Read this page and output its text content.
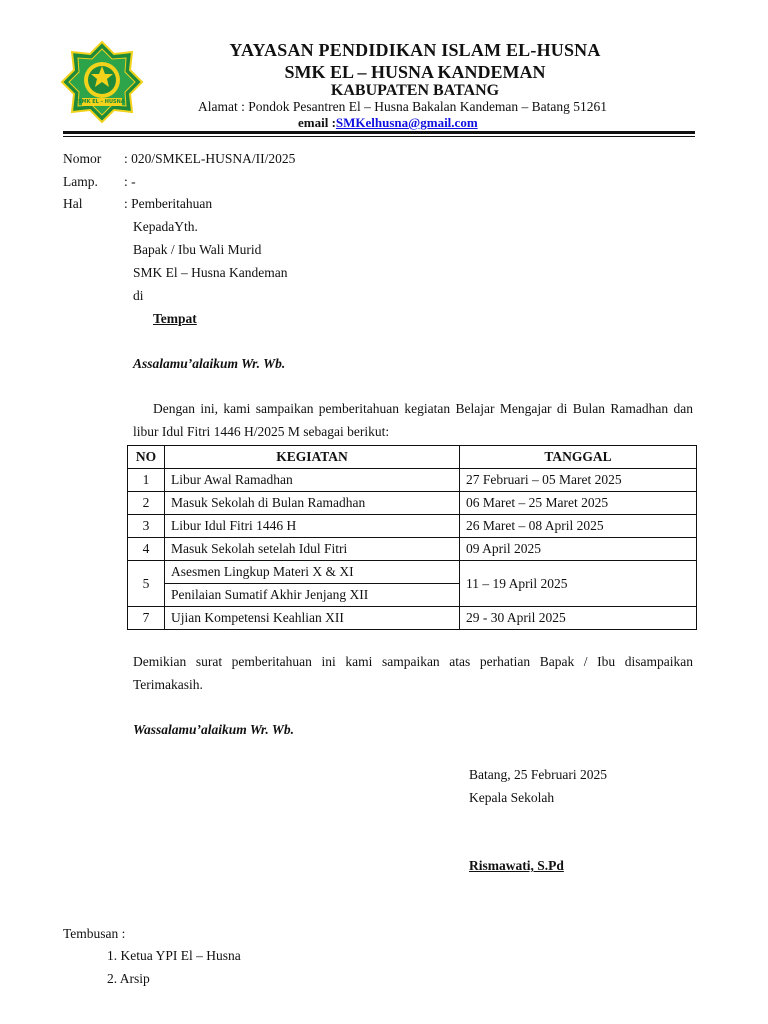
SMK EL – HUSNA
YAYASAN PENDIDIKAN ISLAM EL-HUSNA
SMK EL – HUSNA KANDEMAN
KABUPATEN BATANG
Alamat : Pondok Pesantren El – Husna Bakalan Kandeman – Batang 51261
email :SMKelhusna@gmail.com
Nomor : 020/SMKEL-HUSNA/II/2025
Lamp. : -
Hal	: Pemberitahuan
KepadaYth.
Bapak / Ibu Wali Murid
SMK El – Husna Kandeman
di
Tempat
Assalamu’alaikum Wr. Wb.
Dengan ini, kami sampaikan pemberitahuan kegiatan Belajar Mengajar di Bulan Ramadhan dan libur Idul Fitri 1446 H/2025 M sebagai berikut:
NO	KEGIATAN	TANGGAL
1	Libur Awal Ramadhan	27 Februari – 05 Maret 2025
2	Masuk Sekolah di Bulan Ramadhan	06 Maret – 25 Maret 2025
3	Libur Idul Fitri 1446 H	26 Maret – 08 April 2025
4	Masuk Sekolah setelah Idul Fitri	09 April 2025
5	Asesmen Lingkup Materi X & XI	11 – 19 April 2025
	Penilaian Sumatif Akhir Jenjang XII	
7	Ujian Kompetensi Keahlian XII	29 - 30 April 2025
Demikian surat pemberitahuan ini kami sampaikan atas perhatian Bapak / Ibu disampaikan Terimakasih.
Wassalamu’alaikum Wr. Wb.
Batang, 25 Februari 2025
Kepala Sekolah
Rismawati, S.Pd
Tembusan :
1. Ketua YPI El – Husna
2. Arsip
